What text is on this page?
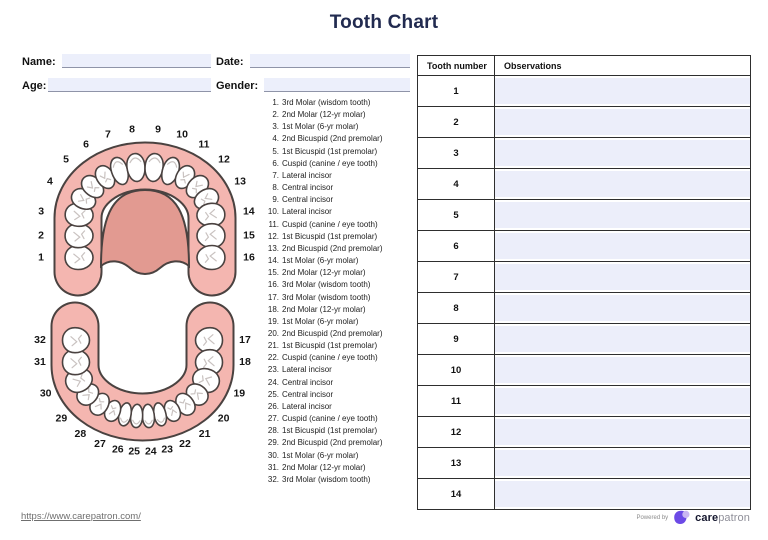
Tooth Chart
Name:	Date:
Age:	Gender:
1
2
3
4
5
6
7 8 9 10
11
12
13
14
15
16
17
18
19
20
21
22
23
24
25
26
27
28
29
30
31
32
1. 3rd Molar (wisdom tooth)
2. 2nd Molar (12-yr molar)
3. 1st Molar (6-yr molar)
4. 2nd Bicuspid (2nd premolar)
5. 1st Bicuspid (1st premolar)
6. Cuspid (canine / eye tooth)
7. Lateral incisor
8. Central incisor
9. Central incisor
10. Lateral incisor
11. Cuspid (canine / eye tooth)
12. 1st Bicuspid (1st premolar)
13. 2nd Bicuspid (2nd premolar)
14. 1st Molar (6-yr molar)
15. 2nd Molar (12-yr molar)
16. 3rd Molar (wisdom tooth)
17. 3rd Molar (wisdom tooth)
18. 2nd Molar (12-yr molar)
19. 1st Molar (6-yr molar)
20. 2nd Bicuspid (2nd premolar)
21. 1st Bicuspid (1st premolar)
22. Cuspid (canine / eye tooth)
23. Lateral incisor
24. Central incisor
25. Central incisor
26. Lateral incisor
27. Cuspid (canine / eye tooth)
28. 1st Bicuspid (1st premolar)
29. 2nd Bicuspid (2nd premolar)
30. 1st Molar (6-yr molar)
31. 2nd Molar (12-yr molar)
32. 3rd Molar (wisdom tooth)
Tooth number	Observations
1	

2	

3	

4	

5	

6	

7	

8	

9	

10	

11	

12	

13	

14	
https://www.carepatron.com/	Powered by carepatron
